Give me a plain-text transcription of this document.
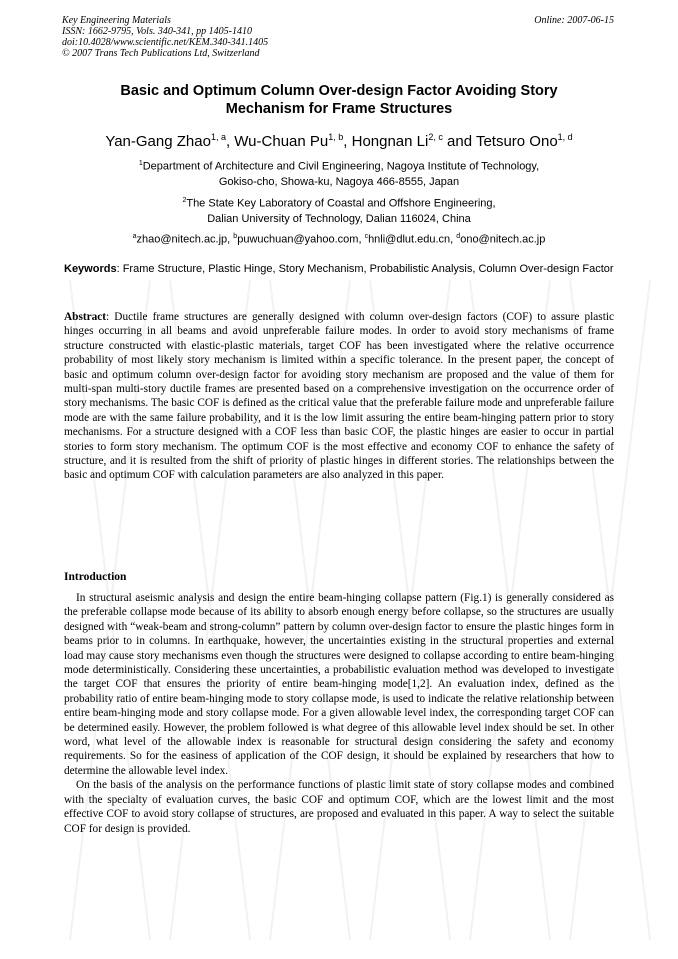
Key Engineering Materials
ISSN: 1662-9795, Vols. 340-341, pp 1405-1410
doi:10.4028/www.scientific.net/KEM.340-341.1405
© 2007 Trans Tech Publications Ltd, Switzerland
Online: 2007-06-15
Basic and Optimum Column Over-design Factor Avoiding Story
Mechanism for Frame Structures
Yan-Gang Zhao$^{1, a}$, Wu-Chuan Pu$^{1, b}$, Hongnan Li$^{2, c}$ and Tetsuro Ono$^{1, d}$
$^1$Department of Architecture and Civil Engineering, Nagoya Institute of Technology,
Gokiso-cho, Showa-ku, Nagoya 466-8555, Japan
$^2$The State Key Laboratory of Coastal and Offshore Engineering,
Dalian University of Technology, Dalian 116024, China
$^a$zhao@nitech.ac.jp, $^b$puwuchuan@yahoo.com, $^c$hnli@dlut.edu.cn, $^d$ono@nitech.ac.jp
Keywords: Frame Structure, Plastic Hinge, Story Mechanism, Probabilistic Analysis, Column Over-design Factor
Abstract: Ductile frame structures are generally designed with column over-design factors (COF) to assure plastic hinges occurring in all beams and avoid unpreferable failure modes. In order to avoid story mechanisms of frame structure constructed with elastic-plastic materials, target COF has been investigated where the relative occurrence probability of most likely story mechanism is limited within a specific tolerance. In the present paper, the concept of basic and optimum column over-design factor for avoiding story mechanism are proposed and the value of them for multi-span multi-story ductile frames are presented based on a comprehensive investigation on the occurrence order of story mechanisms. The basic COF is defined as the critical value that the preferable failure mode and unpreferable failure mode are with the same failure probability, and it is the low limit assuring the entire beam-hinging pattern prior to story mechanisms. For a structure designed with a COF less than basic COF, the plastic hinges are easier to occur in partial stories to form story mechanism. The optimum COF is the most effective and economy COF to enhance the safety of structure, and it is resulted from the shift of priority of plastic hinges in different stories. The relationships between the basic and optimum COF with calculation parameters are also analyzed in this paper.
Introduction

In structural aseismic analysis and design the entire beam-hinging collapse pattern (Fig.1) is generally considered as the preferable collapse mode because of its ability to absorb enough energy before collapse, so the structures are usually designed with “weak-beam and strong-column” pattern by column over-design factor to ensure the plastic hinges form in beams prior to in columns. In earthquake, however, the uncertainties existing in the structural properties and external load may cause story mechanisms even though the structures were designed to collapse according to entire beam-hinging mode deterministically. Considering these uncertainties, a probabilistic evaluation method was developed to investigate the target COF that ensures the priority of entire beam-hinging mode[1,2]. An evaluation index, defined as the probability ratio of entire beam-hinging mode to story collapse mode, is used to indicate the relative relationship between entire beam-hinging mode and story collapse mode. For a given allowable level index, the corresponding target COF can be determined easily. However, the problem followed is what degree of this allowable level index should be set. In other word, what level of the allowable index is reasonable for structural design considering the safety and economy requirements. So for the easiness of application of the COF design, it should be explained by researchers that how to determine the allowable level index.

On the basis of the analysis on the performance functions of plastic limit state of story collapse modes and combined with the specialty of evaluation curves, the basic COF and optimum COF, which are the lowest limit and the most effective COF to avoid story collapse of structures, are proposed and evaluated in this paper. A way to select the suitable COF for design is provided.
